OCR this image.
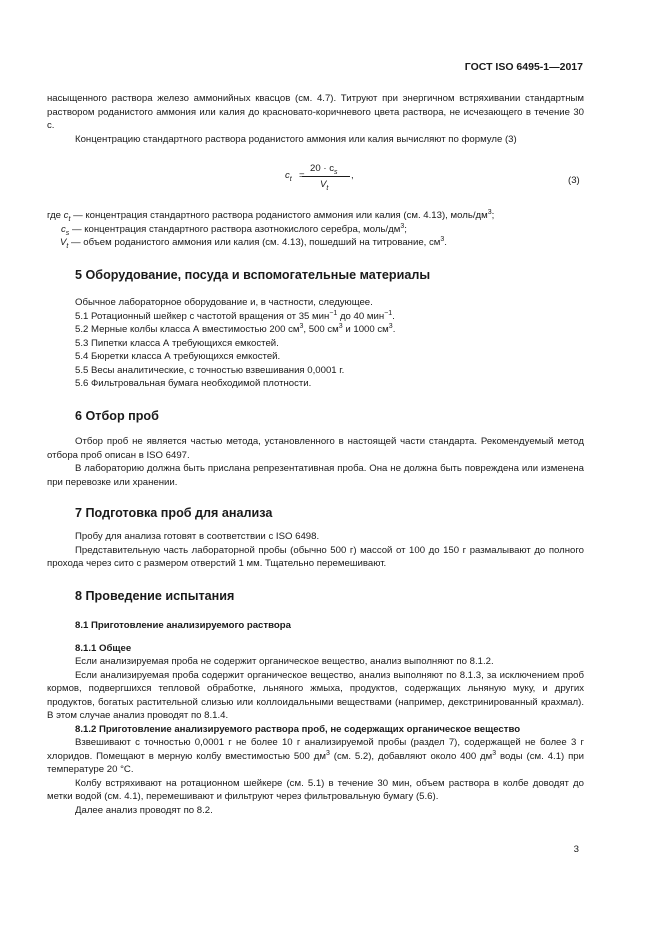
ГОСТ ISO 6495-1—2017

насыщенного раствора железо аммонийных квасцов (см. 4.7). Титруют при энергичном встряхивании стандартным раствором роданистого аммония или калия до красновато-коричневого цвета раствора, не исчезающего в течение 30 с.

Концентрацию стандартного раствора роданистого аммония или калия вычисляют по формуле (3)

$c_t$ =
$20 \cdot c_s$
$V_t$
,	(3)
где $c_t$ — концентрация стандартного раствора роданистого аммония или калия (см. 4.13), моль/$дм^3$;
$c_s$ — концентрация стандартного раствора азотнокислого серебра, моль/$дм^3$;
$V_t$ — объем роданистого аммония или калия (см. 4.13), пошедший на титрование, $см^3$.
5 Оборудование, посуда и вспомогательные материалы
Обычное лабораторное оборудование и, в частности, следующее.
5.1 Ротационный шейкер с частотой вращения от 35 мин$^{-1}$ до 40 мин$^{-1}$.
5.2 Мерные колбы класса А вместимостью 200 $см^3$, 500 $см^3$ и 1000 $см^3$.
5.3 Пипетки класса А требующихся емкостей.
5.4 Бюретки класса А требующихся емкостей.
5.5 Весы аналитические, с точностью взвешивания 0,0001 г.
5.6 Фильтровальная бумага необходимой плотности.
6 Отбор проб

Отбор проб не является частью метода, установленного в настоящей части стандарта. Рекомендуемый метод отбора проб описан в ISO 6497.

В лабораторию должна быть прислана репрезентативная проба. Она не должна быть повреждена или изменена при перевозке или хранении.

7 Подготовка проб для анализа

Пробу для анализа готовят в соответствии с ISO 6498.

Представительную часть лабораторной пробы (обычно 500 г) массой от 100 до 150 г размалывают до полного прохода через сито с размером отверстий 1 мм. Тщательно перемешивают.

8 Проведение испытания

8.1 Приготовление анализируемого раствора

8.1.1 Общее

Если анализируемая проба не содержит органическое вещество, анализ выполняют по 8.1.2.

Если анализируемая проба содержит органическое вещество, анализ выполняют по 8.1.3, за исключением проб кормов, подвергшихся тепловой обработке, льняного жмыха, продуктов, содержащих льняную муку, и других продуктов, богатых растительной слизью или коллоидальными веществами (например, декстринированный крахмал). В этом случае анализ проводят по 8.1.4.

8.1.2 Приготовление анализируемого раствора проб, не содержащих органическое вещество

Взвешивают с точностью 0,0001 г не более 10 г анализируемой пробы (раздел 7), содержащей не более 3 г хлоридов. Помещают в мерную колбу вместимостью 500 $дм^3$ (см. 5.2), добавляют около 400 $дм^3$ воды (см. 4.1) при температуре 20 °С.

Колбу встряхивают на ротационном шейкере (см. 5.1) в течение 30 мин, объем раствора в колбе доводят до метки водой (см. 4.1), перемешивают и фильтруют через фильтровальную бумагу (5.6).

Далее анализ проводят по 8.2.

3
